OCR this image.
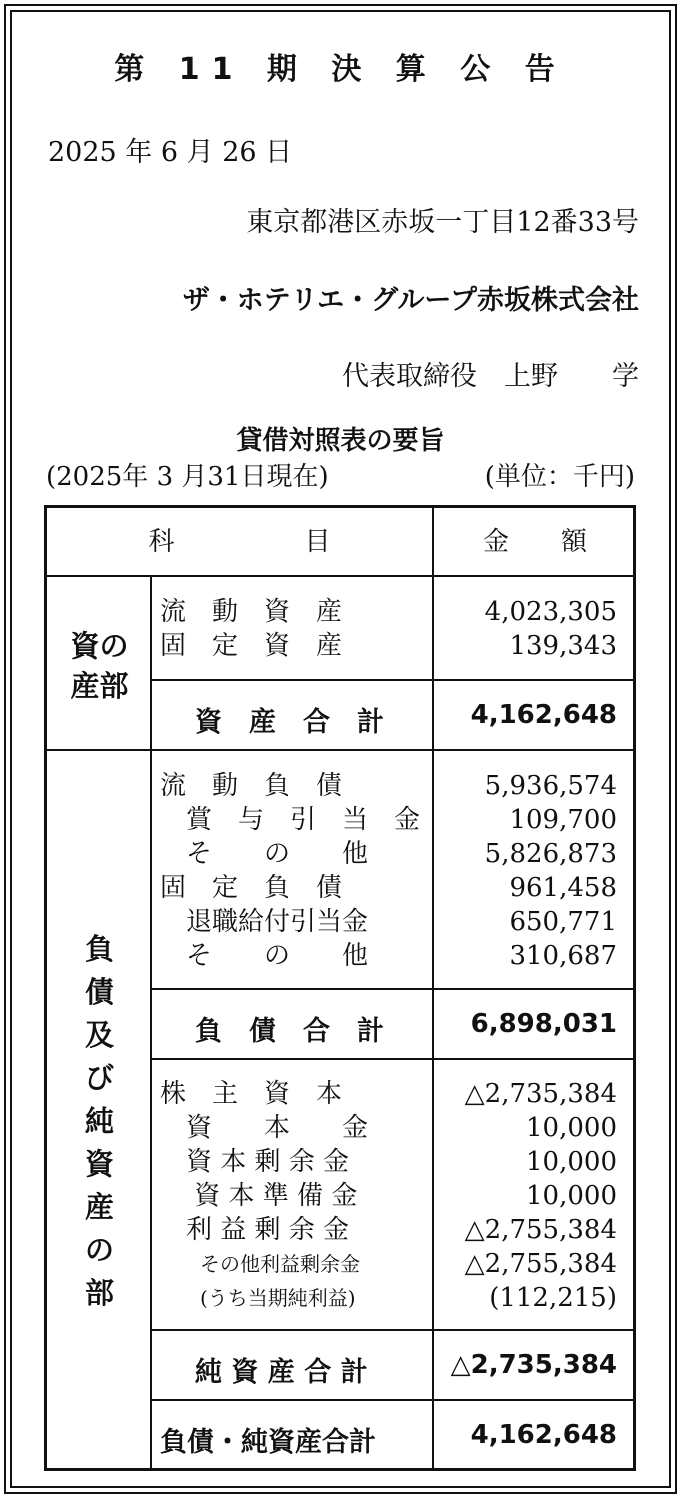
第 11 期 決 算 公 告
2025 年 6 月 26 日
東京都港区赤坂一丁目12番33号
ザ・ホテリエ・グループ赤坂株式会社
代表取締役　上野　　学
貸借対照表の要旨
(2025年 3 月31日現在)	(単位：千円)
科　　　　　目	金　　額
資の
産部
流　動　資　産	4,023,305
固　定　資　産	139,343
資　産　合　計	4,162,648
負
債
及
び
純
資
産
の
部
流　動　負　債	5,936,574
　賞　与　引　当　金	109,700
　そ　　の　　他	5,826,873
固　定　負　債	961,458
　退職給付引当金	650,771
　そ　　の　　他	310,687
負　債　合　計	6,898,031
株　主　資　本	△2,735,384
　資　　本　　金	10,000
　資 本 剰 余 金	10,000
　 資 本 準 備 金	10,000
　利 益 剰 余 金	△2,755,384
　　その他利益剰余金	△2,755,384
　　(うち当期純利益)	(112,215)
純 資 産 合 計	△2,735,384
負債・純資産合計	4,162,648
